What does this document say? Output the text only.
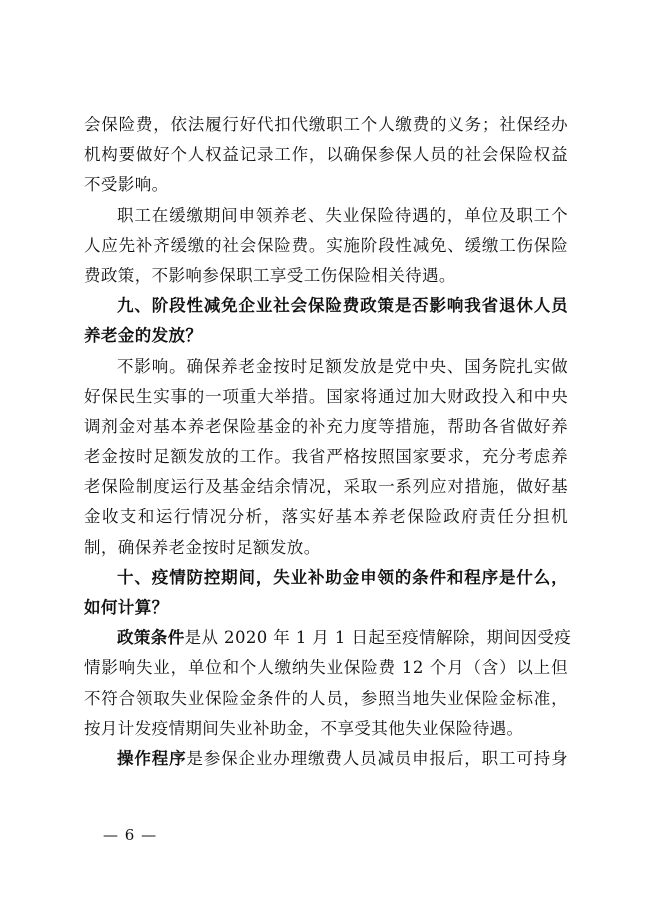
会保险费，依法履行好代扣代缴职工个人缴费的义务；社保经办
机构要做好个人权益记录工作，以确保参保人员的社会保险权益
不受影响。

职工在缓缴期间申领养老、失业保险待遇的，单位及职工个
人应先补齐缓缴的社会保险费。实施阶段性减免、缓缴工伤保险
费政策，不影响参保职工享受工伤保险相关待遇。

九、阶段性减免企业社会保险费政策是否影响我省退休人员
养老金的发放？

不影响。确保养老金按时足额发放是党中央、国务院扎实做
好保民生实事的一项重大举措。国家将通过加大财政投入和中央
调剂金对基本养老保险基金的补充力度等措施，帮助各省做好养
老金按时足额发放的工作。我省严格按照国家要求，充分考虑养
老保险制度运行及基金结余情况，采取一系列应对措施，做好基
金收支和运行情况分析，落实好基本养老保险政府责任分担机
制，确保养老金按时足额发放。

十、疫情防控期间，失业补助金申领的条件和程序是什么，
如何计算？

政策条件是从 2020 年 1 月 1 日起至疫情解除，期间因受疫
情影响失业，单位和个人缴纳失业保险费 12 个月（含）以上但
不符合领取失业保险金条件的人员，参照当地失业保险金标准，
按月计发疫情期间失业补助金，不享受其他失业保险待遇。

操作程序是参保企业办理缴费人员减员申报后，职工可持身

— 6 —
